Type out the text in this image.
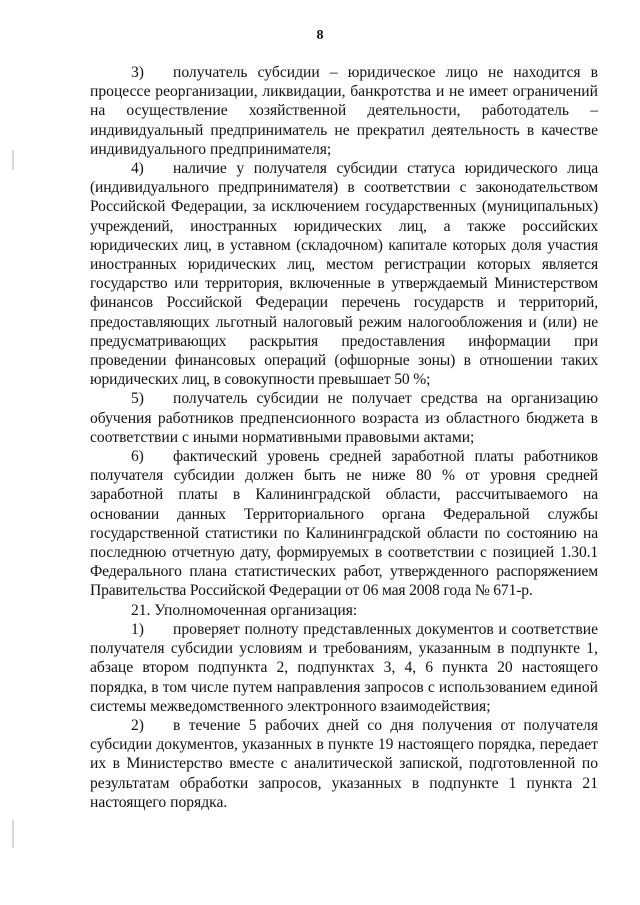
8

3) получатель субсидии – юридическое лицо не находится в процессе реорганизации, ликвидации, банкротства и не имеет ограничений на осуществление хозяйственной деятельности, работодатель – индивидуальный предприниматель не прекратил деятельность в качестве индивидуального предпринимателя;

4) наличие у получателя субсидии статуса юридического лица (индивидуального предпринимателя) в соответствии с законодательством Российской Федерации, за исключением государственных (муниципальных) учреждений, иностранных юридических лиц, а также российских юридических лиц, в уставном (складочном) капитале которых доля участия иностранных юридических лиц, местом регистрации которых является государство или территория, включенные в утверждаемый Министерством финансов Российской Федерации перечень государств и территорий, предоставляющих льготный налоговый режим налогообложения и (или) не предусматривающих раскрытия предоставления информации при проведении финансовых операций (офшорные зоны) в отношении таких юридических лиц, в совокупности превышает 50 %;

5) получатель субсидии не получает средства на организацию обучения работников предпенсионного возраста из областного бюджета в соответствии с иными нормативными правовыми актами;

6) фактический уровень средней заработной платы работников получателя субсидии должен быть не ниже 80 % от уровня средней заработной платы в Калининградской области, рассчитываемого на основании данных Территориального органа Федеральной службы государственной статистики по Калининградской области по состоянию на последнюю отчетную дату, формируемых в соответствии с позицией 1.30.1 Федерального плана статистических работ, утвержденного распоряжением Правительства Российской Федерации от 06 мая 2008 года № 671-р.

21. Уполномоченная организация:

1) проверяет полноту представленных документов и соответствие получателя субсидии условиям и требованиям, указанным в подпункте 1, абзаце втором подпункта 2, подпунктах 3, 4, 6 пункта 20 настоящего порядка, в том числе путем направления запросов с использованием единой системы межведомственного электронного взаимодействия;

2) в течение 5 рабочих дней со дня получения от получателя субсидии документов, указанных в пункте 19 настоящего порядка, передает их в Министерство вместе с аналитической запиской, подготовленной по результатам обработки запросов, указанных в подпункте 1 пункта 21 настоящего порядка.
